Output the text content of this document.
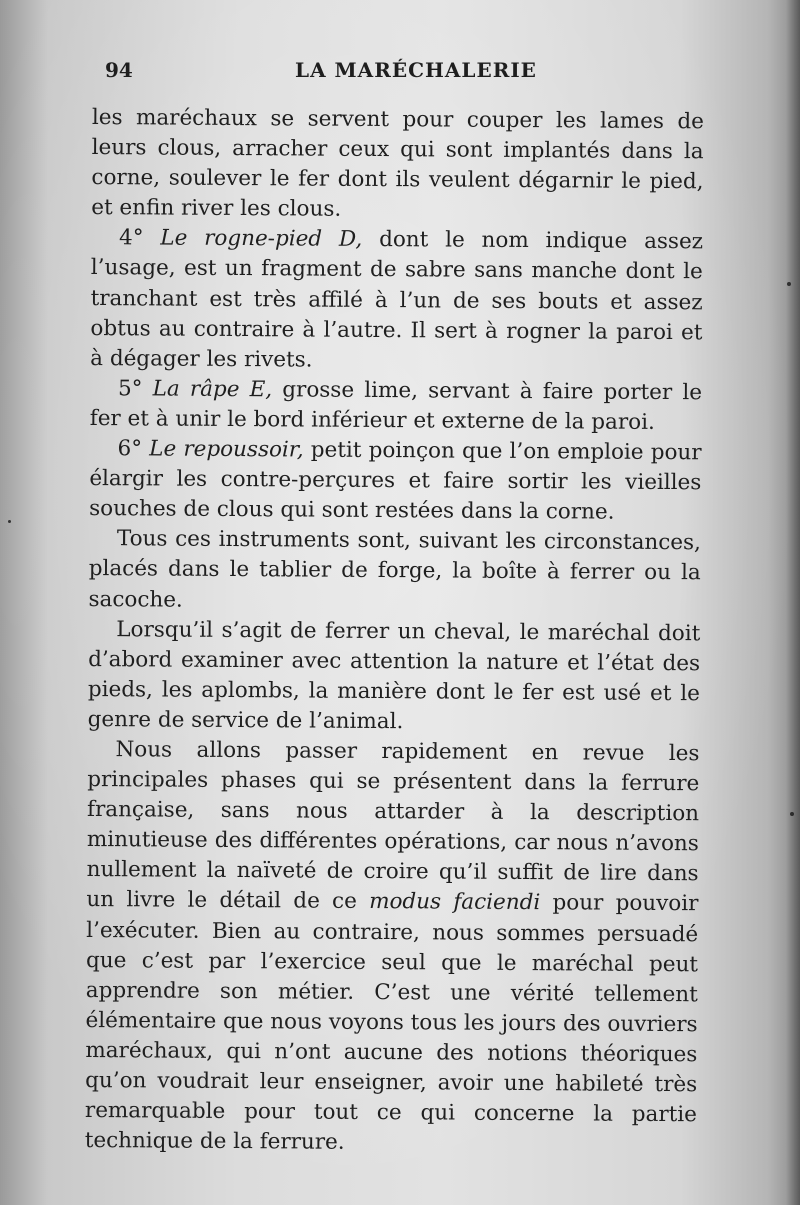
94	LA MARÉCHALERIE

les maréchaux se servent pour couper les lames de leurs clous, arracher ceux qui sont implantés dans la corne, soulever le fer dont ils veulent dégarnir le pied, et enfin river les clous.

4° Le rogne-pied D, dont le nom indique assez l’usage, est un fragment de sabre sans manche dont le tranchant est très affilé à l’un de ses bouts et assez obtus au contraire à l’autre. Il sert à rogner la paroi et à dégager les rivets.

5° La râpe E, grosse lime, servant à faire porter le fer et à unir le bord inférieur et externe de la paroi.

6° Le repoussoir, petit poinçon que l’on emploie pour élargir les contre-perçures et faire sortir les vieilles souches de clous qui sont restées dans la corne.

Tous ces instruments sont, suivant les circonstances, placés dans le tablier de forge, la boîte à ferrer ou la sacoche.

Lorsqu’il s’agit de ferrer un cheval, le maréchal doit d’abord examiner avec attention la nature et l’état des pieds, les aplombs, la manière dont le fer est usé et le genre de service de l’animal.

Nous allons passer rapidement en revue les principales phases qui se présentent dans la ferrure française, sans nous attarder à la description minutieuse des différentes opérations, car nous n’avons nullement la naïveté de croire qu’il suffit de lire dans un livre le détail de ce modus faciendi pour pouvoir l’exécuter. Bien au contraire, nous sommes persuadé que c’est par l’exercice seul que le maréchal peut apprendre son métier. C’est une vérité tellement élémentaire que nous voyons tous les jours des ouvriers maréchaux, qui n’ont aucune des notions théoriques qu’on voudrait leur enseigner, avoir une habileté très remarquable pour tout ce qui concerne la partie technique de la ferrure.
